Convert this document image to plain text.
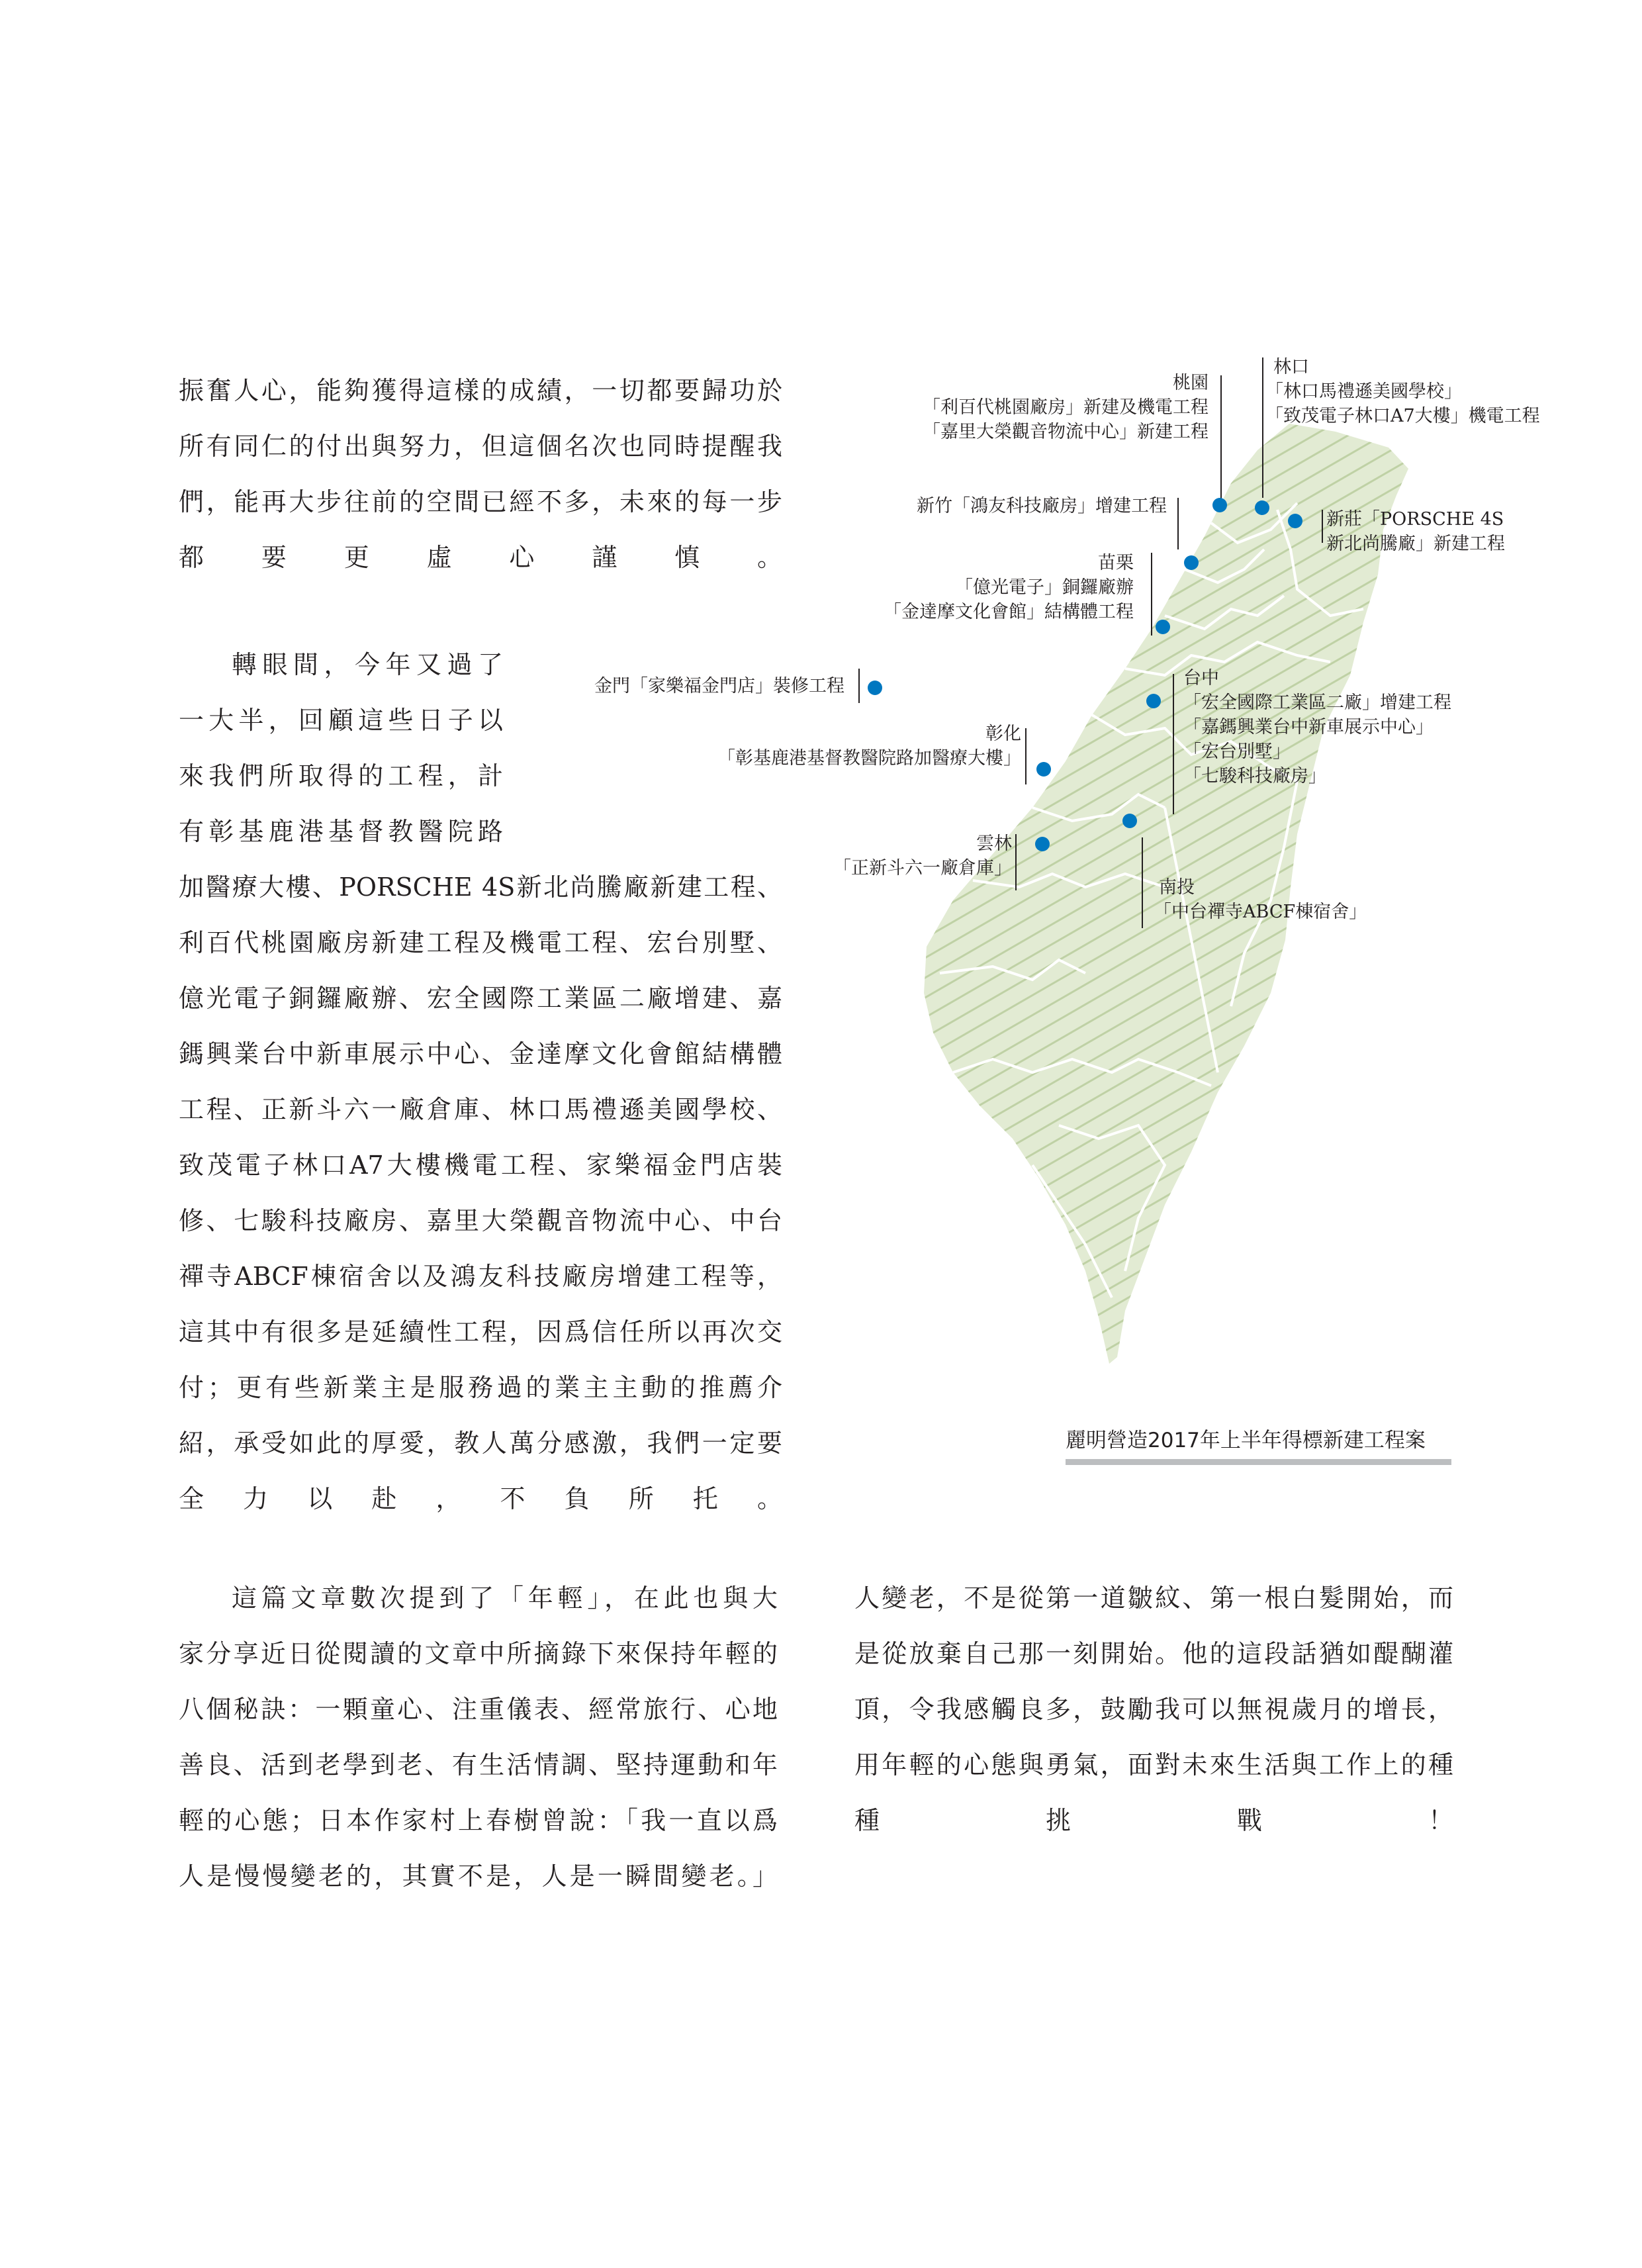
振奮人心，能夠獲得這樣的成績，一切都要歸功於
所有同仁的付出與努力，但這個名次也同時提醒我
們，能再大步往前的空間已經不多，未來的每一步
都要更虛心謹慎。
轉眼間，今年又過了
一大半，回顧這些日子以
來我們所取得的工程，計
有彰基鹿港基督教醫院路
加醫療大樓、PORSCHE 4S新北尚騰廠新建工程、
利百代桃園廠房新建工程及機電工程、宏台別墅、
億光電子銅鑼廠辦、宏全國際工業區二廠增建、嘉
鎷興業台中新車展示中心、金達摩文化會館結構體
工程、正新斗六一廠倉庫、林口馬禮遜美國學校、
致茂電子林口A7大樓機電工程、家樂福金門店裝
修、七駿科技廠房、嘉里大榮觀音物流中心、中台
禪寺ABCF棟宿舍以及鴻友科技廠房增建工程等，
這其中有很多是延續性工程，因爲信任所以再次交
付；更有些新業主是服務過的業主主動的推薦介
紹，承受如此的厚愛，教人萬分感激，我們一定要
全力以赴，不負所托。
這篇文章數次提到了「年輕」，在此也與大
家分享近日從閱讀的文章中所摘錄下來保持年輕的
八個秘訣：一顆童心、注重儀表、經常旅行、心地
善良、活到老學到老、有生活情調、堅持運動和年
輕的心態；日本作家村上春樹曾說：「我一直以爲
人是慢慢變老的，其實不是，人是一瞬間變老。」
人變老，不是從第一道皺紋、第一根白髮開始，而
是從放棄自己那一刻開始。他的這段話猶如醍醐灌
頂，令我感觸良多，鼓勵我可以無視歲月的增長，
用年輕的心態與勇氣，面對未來生活與工作上的種
種挑戰！
林口
「林口馬禮遜美國學校」
「致茂電子林口A7大樓」機電工程
桃園
「利百代桃園廠房」新建及機電工程
「嘉里大榮觀音物流中心」新建工程
新竹「鴻友科技廠房」增建工程
新莊「PORSCHE 4S
新北尚騰廠」新建工程
苗栗
「億光電子」銅鑼廠辦
「金達摩文化會館」結構體工程
金門「家樂福金門店」裝修工程	台中
「宏全國際工業區二廠」增建工程
「嘉鎷興業台中新車展示中心」
「宏台別墅」
「七駿科技廠房」
彰化
「彰基鹿港基督教醫院路加醫療大樓」
雲林
「正新斗六一廠倉庫」
南投
「中台禪寺ABCF棟宿舍」
麗明營造2017年上半年得標新建工程案
